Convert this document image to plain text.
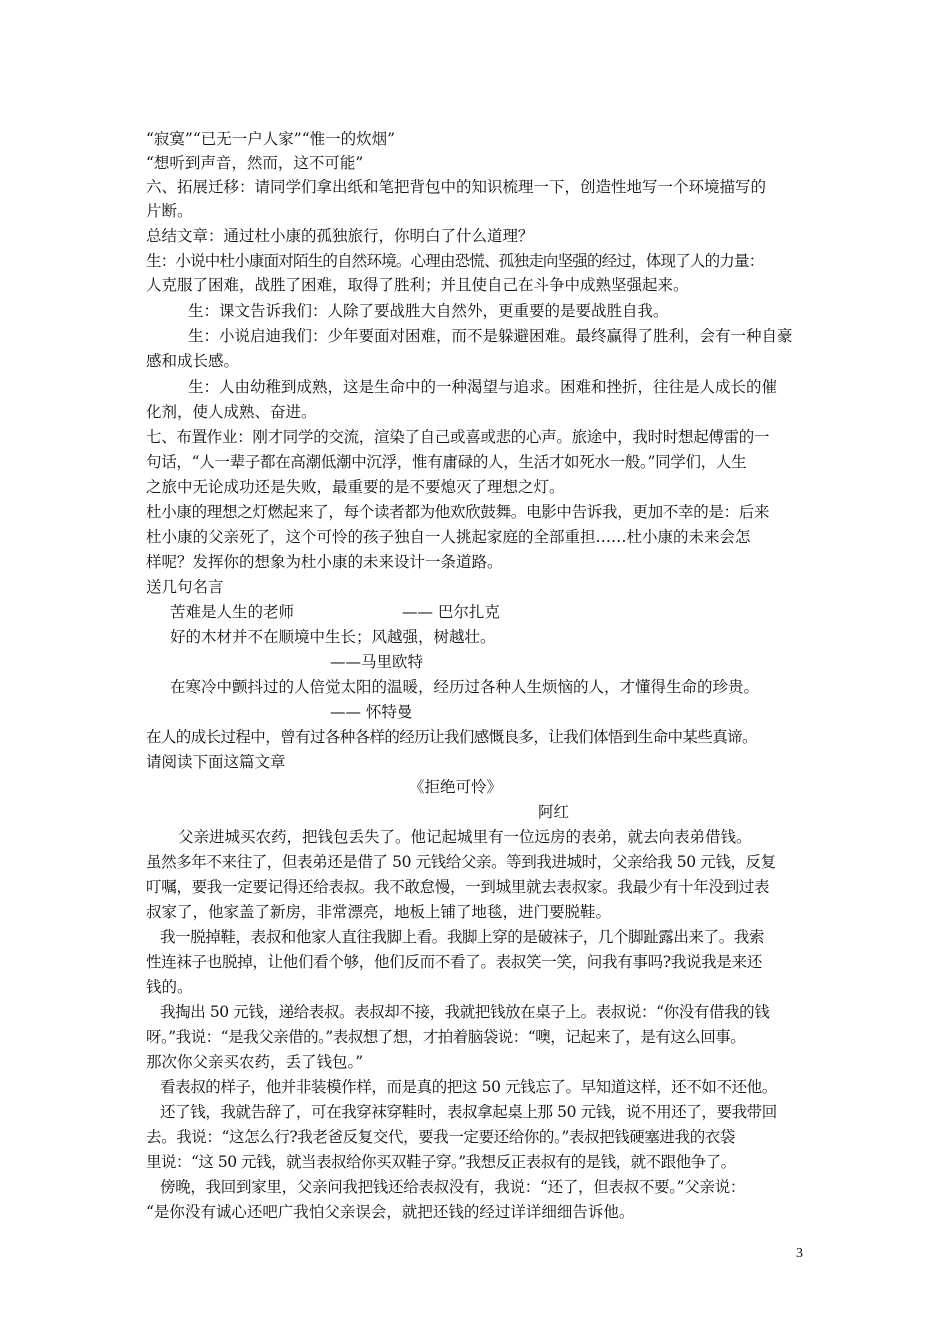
“寂寞”“已无一户人家”“惟一的炊烟”
“想听到声音，然而，这不可能”
六、拓展迁移：请同学们拿出纸和笔把背包中的知识梳理一下，创造性地写一个环境描写的
片断。
总结文章：通过杜小康的孤独旅行，你明白了什么道理？
生：小说中杜小康面对陌生的自然环境。心理由恐慌、孤独走向坚强的经过，体现了人的力量：
人克服了困难，战胜了困难，取得了胜利；并且使自己在斗争中成熟坚强起来。
生：课文告诉我们：人除了要战胜大自然外，更重要的是要战胜自我。
生：小说启迪我们：少年要面对困难，而不是躲避困难。最终赢得了胜利，会有一种自豪
感和成长感。
生：人由幼稚到成熟，这是生命中的一种渴望与追求。困难和挫折，往往是人成长的催
化剂，使人成熟、奋进。
七、布置作业：刚才同学的交流，渲染了自己或喜或悲的心声。旅途中，我时时想起傅雷的一
句话，“人一辈子都在高潮低潮中沉浮，惟有庸碌的人，生活才如死水一般。”同学们，人生
之旅中无论成功还是失败，最重要的是不要熄灭了理想之灯。
杜小康的理想之灯燃起来了，每个读者都为他欢欣鼓舞。电影中告诉我，更加不幸的是：后来
杜小康的父亲死了，这个可怜的孩子独自一人挑起家庭的全部重担……杜小康的未来会怎
样呢？发挥你的想象为杜小康的未来设计一条道路。
送几句名言
苦难是人生的老师	—— 巴尔扎克
好的木材并不在顺境中生长；风越强，树越壮。
——马里欧特
在寒冷中颤抖过的人倍觉太阳的温暖，经历过各种人生烦恼的人，才懂得生命的珍贵。
—— 怀特曼
在人的成长过程中，曾有过各种各样的经历让我们感慨良多，让我们体悟到生命中某些真谛。
请阅读下面这篇文章
《拒绝可怜》
阿红
父亲进城买农药，把钱包丢失了。他记起城里有一位远房的表弟，就去向表弟借钱。
虽然多年不来往了，但表弟还是借了 50 元钱给父亲。等到我进城时，父亲给我 50 元钱，反复
叮嘱，要我一定要记得还给表叔。我不敢怠慢，一到城里就去表叔家。我最少有十年没到过表
叔家了，他家盖了新房，非常漂亮，地板上铺了地毯，进门要脱鞋。
我一脱掉鞋，表叔和他家人直往我脚上看。我脚上穿的是破袜子，几个脚趾露出来了。我索
性连袜子也脱掉，让他们看个够，他们反而不看了。表叔笑一笑，问我有事吗?我说我是来还
钱的。
我掏出 50 元钱，递给表叔。表叔却不接，我就把钱放在桌子上。表叔说：“你没有借我的钱
呀。”我说：“是我父亲借的。”表叔想了想，才拍着脑袋说：“噢，记起来了，是有这么回事。
那次你父亲买农药，丢了钱包。”
看表叔的样子，他并非装模作样，而是真的把这 50 元钱忘了。早知道这样，还不如不还他。
还了钱，我就告辞了，可在我穿袜穿鞋时，表叔拿起桌上那 50 元钱，说不用还了，要我带回
去。我说：“这怎么行?我老爸反复交代，要我一定要还给你的。”表叔把钱硬塞进我的衣袋
里说：“这 50 元钱，就当表叔给你买双鞋子穿。”我想反正表叔有的是钱，就不跟他争了。
傍晚，我回到家里，父亲问我把钱还给表叔没有，我说：“还了，但表叔不要。”父亲说：
“是你没有诚心还吧广我怕父亲误会，就把还钱的经过详详细细告诉他。
3
